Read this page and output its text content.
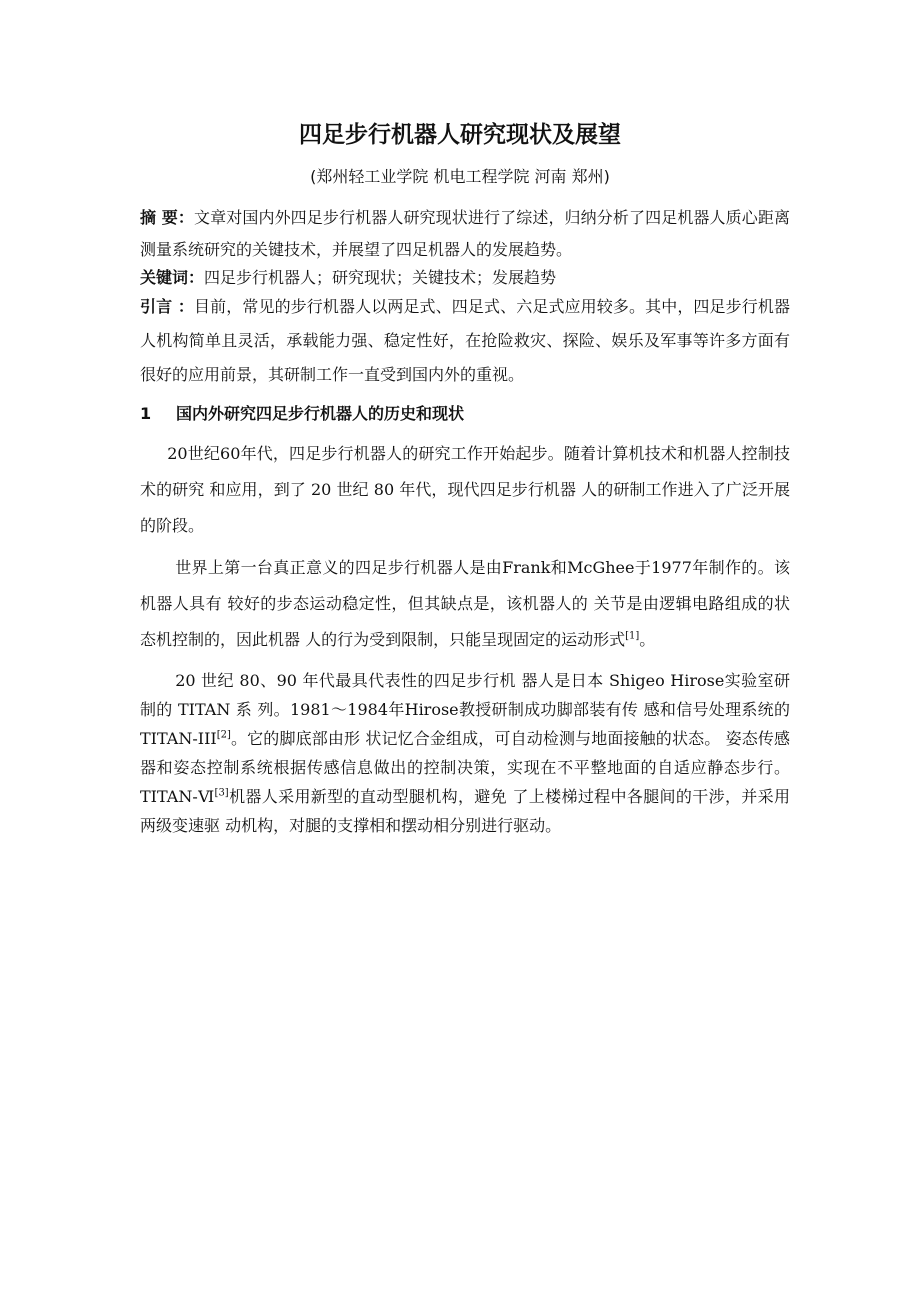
四足步行机器人研究现状及展望
(郑州轻工业学院 机电工程学院 河南 郑州)
摘 要：文章对国内外四足步行机器人研究现状进行了综述，归纳分析了四足机器人质心距离测量系统研究的关键技术，并展望了四足机器人的发展趋势。
关键词：四足步行机器人；研究现状；关键技术；发展趋势
引言 ：目前，常见的步行机器人以两足式、四足式、六足式应用较多。其中，四足步行机器人机构简单且灵活，承载能力强、稳定性好，在抢险救灾、探险、娱乐及军事等许多方面有很好的应用前景，其研制工作一直受到国内外的重视。
1 国内外研究四足步行机器人的历史和现状

20世纪60年代，四足步行机器人的研究工作开始起步。随着计算机技术和机器人控制技术的研究 和应用，到了 20 世纪 80 年代，现代四足步行机器 人的研制工作进入了广泛开展的阶段。

世界上第一台真正意义的四足步行机器人是由Frank和McGhee于1977年制作的。该机器人具有 较好的步态运动稳定性，但其缺点是，该机器人的 关节是由逻辑电路组成的状态机控制的，因此机器 人的行为受到限制，只能呈现固定的运动形式[1]。

20 世纪 80、90 年代最具代表性的四足步行机 器人是日本 Shigeo Hirose实验室研制的 TITAN 系 列。1981～1984年Hirose教授研制成功脚部装有传 感和信号处理系统的TITAN-III[2]。它的脚底部由形 状记忆合金组成，可自动检测与地面接触的状态。 姿态传感器和姿态控制系统根据传感信息做出的控制决策，实现在不平整地面的自适应静态步行。 TITAN-Ⅵ[3]机器人采用新型的直动型腿机构，避免 了上楼梯过程中各腿间的干涉，并采用两级变速驱 动机构，对腿的支撑相和摆动相分别进行驱动。
